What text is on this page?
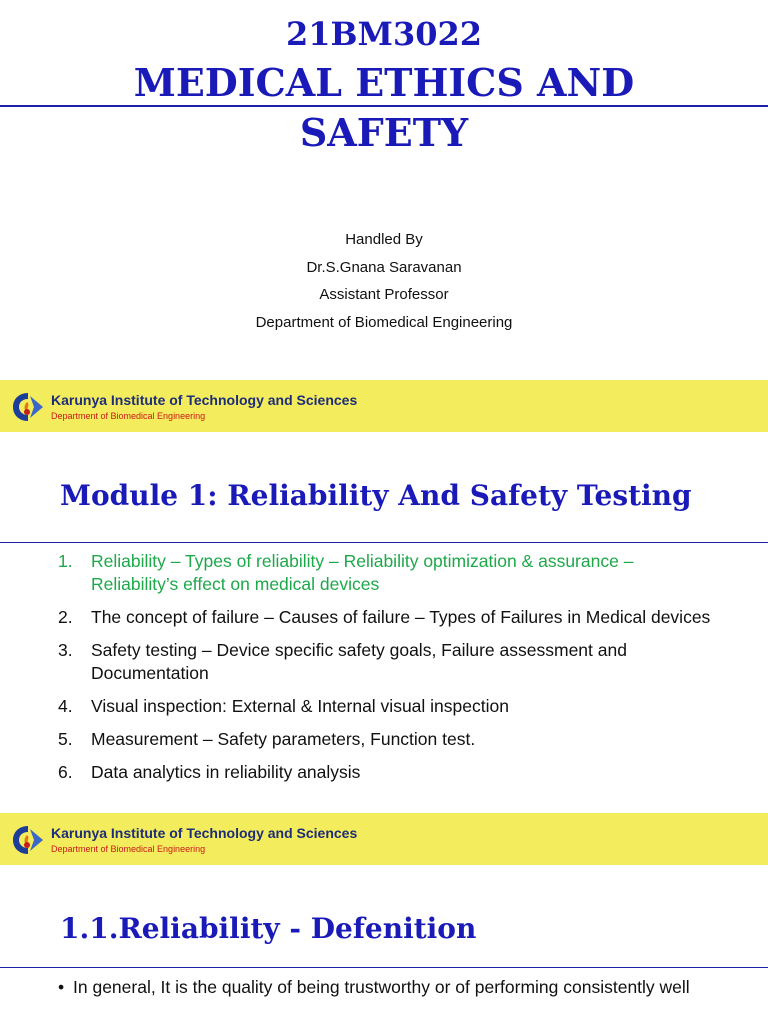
21BM3022
MEDICAL ETHICS AND
SAFETY
Handled By
Dr.S.Gnana Saravanan
Assistant Professor
Department of Biomedical Engineering
Karunya Institute of Technology and Sciences
Department of Biomedical Engineering
Module 1: Reliability And Safety Testing
1. Reliability – Types of reliability – Reliability optimization & assurance – Reliability’s effect on medical devices
2. The concept of failure – Causes of failure – Types of Failures in Medical devices
3. Safety testing – Device specific safety goals, Failure assessment and Documentation
4. Visual inspection: External & Internal visual inspection
5. Measurement – Safety parameters, Function test.
6. Data analytics in reliability analysis
Karunya Institute of Technology and Sciences
Department of Biomedical Engineering
1.1.Reliability - Defenition
• In general, It is the quality of being trustworthy or of performing consistently well
